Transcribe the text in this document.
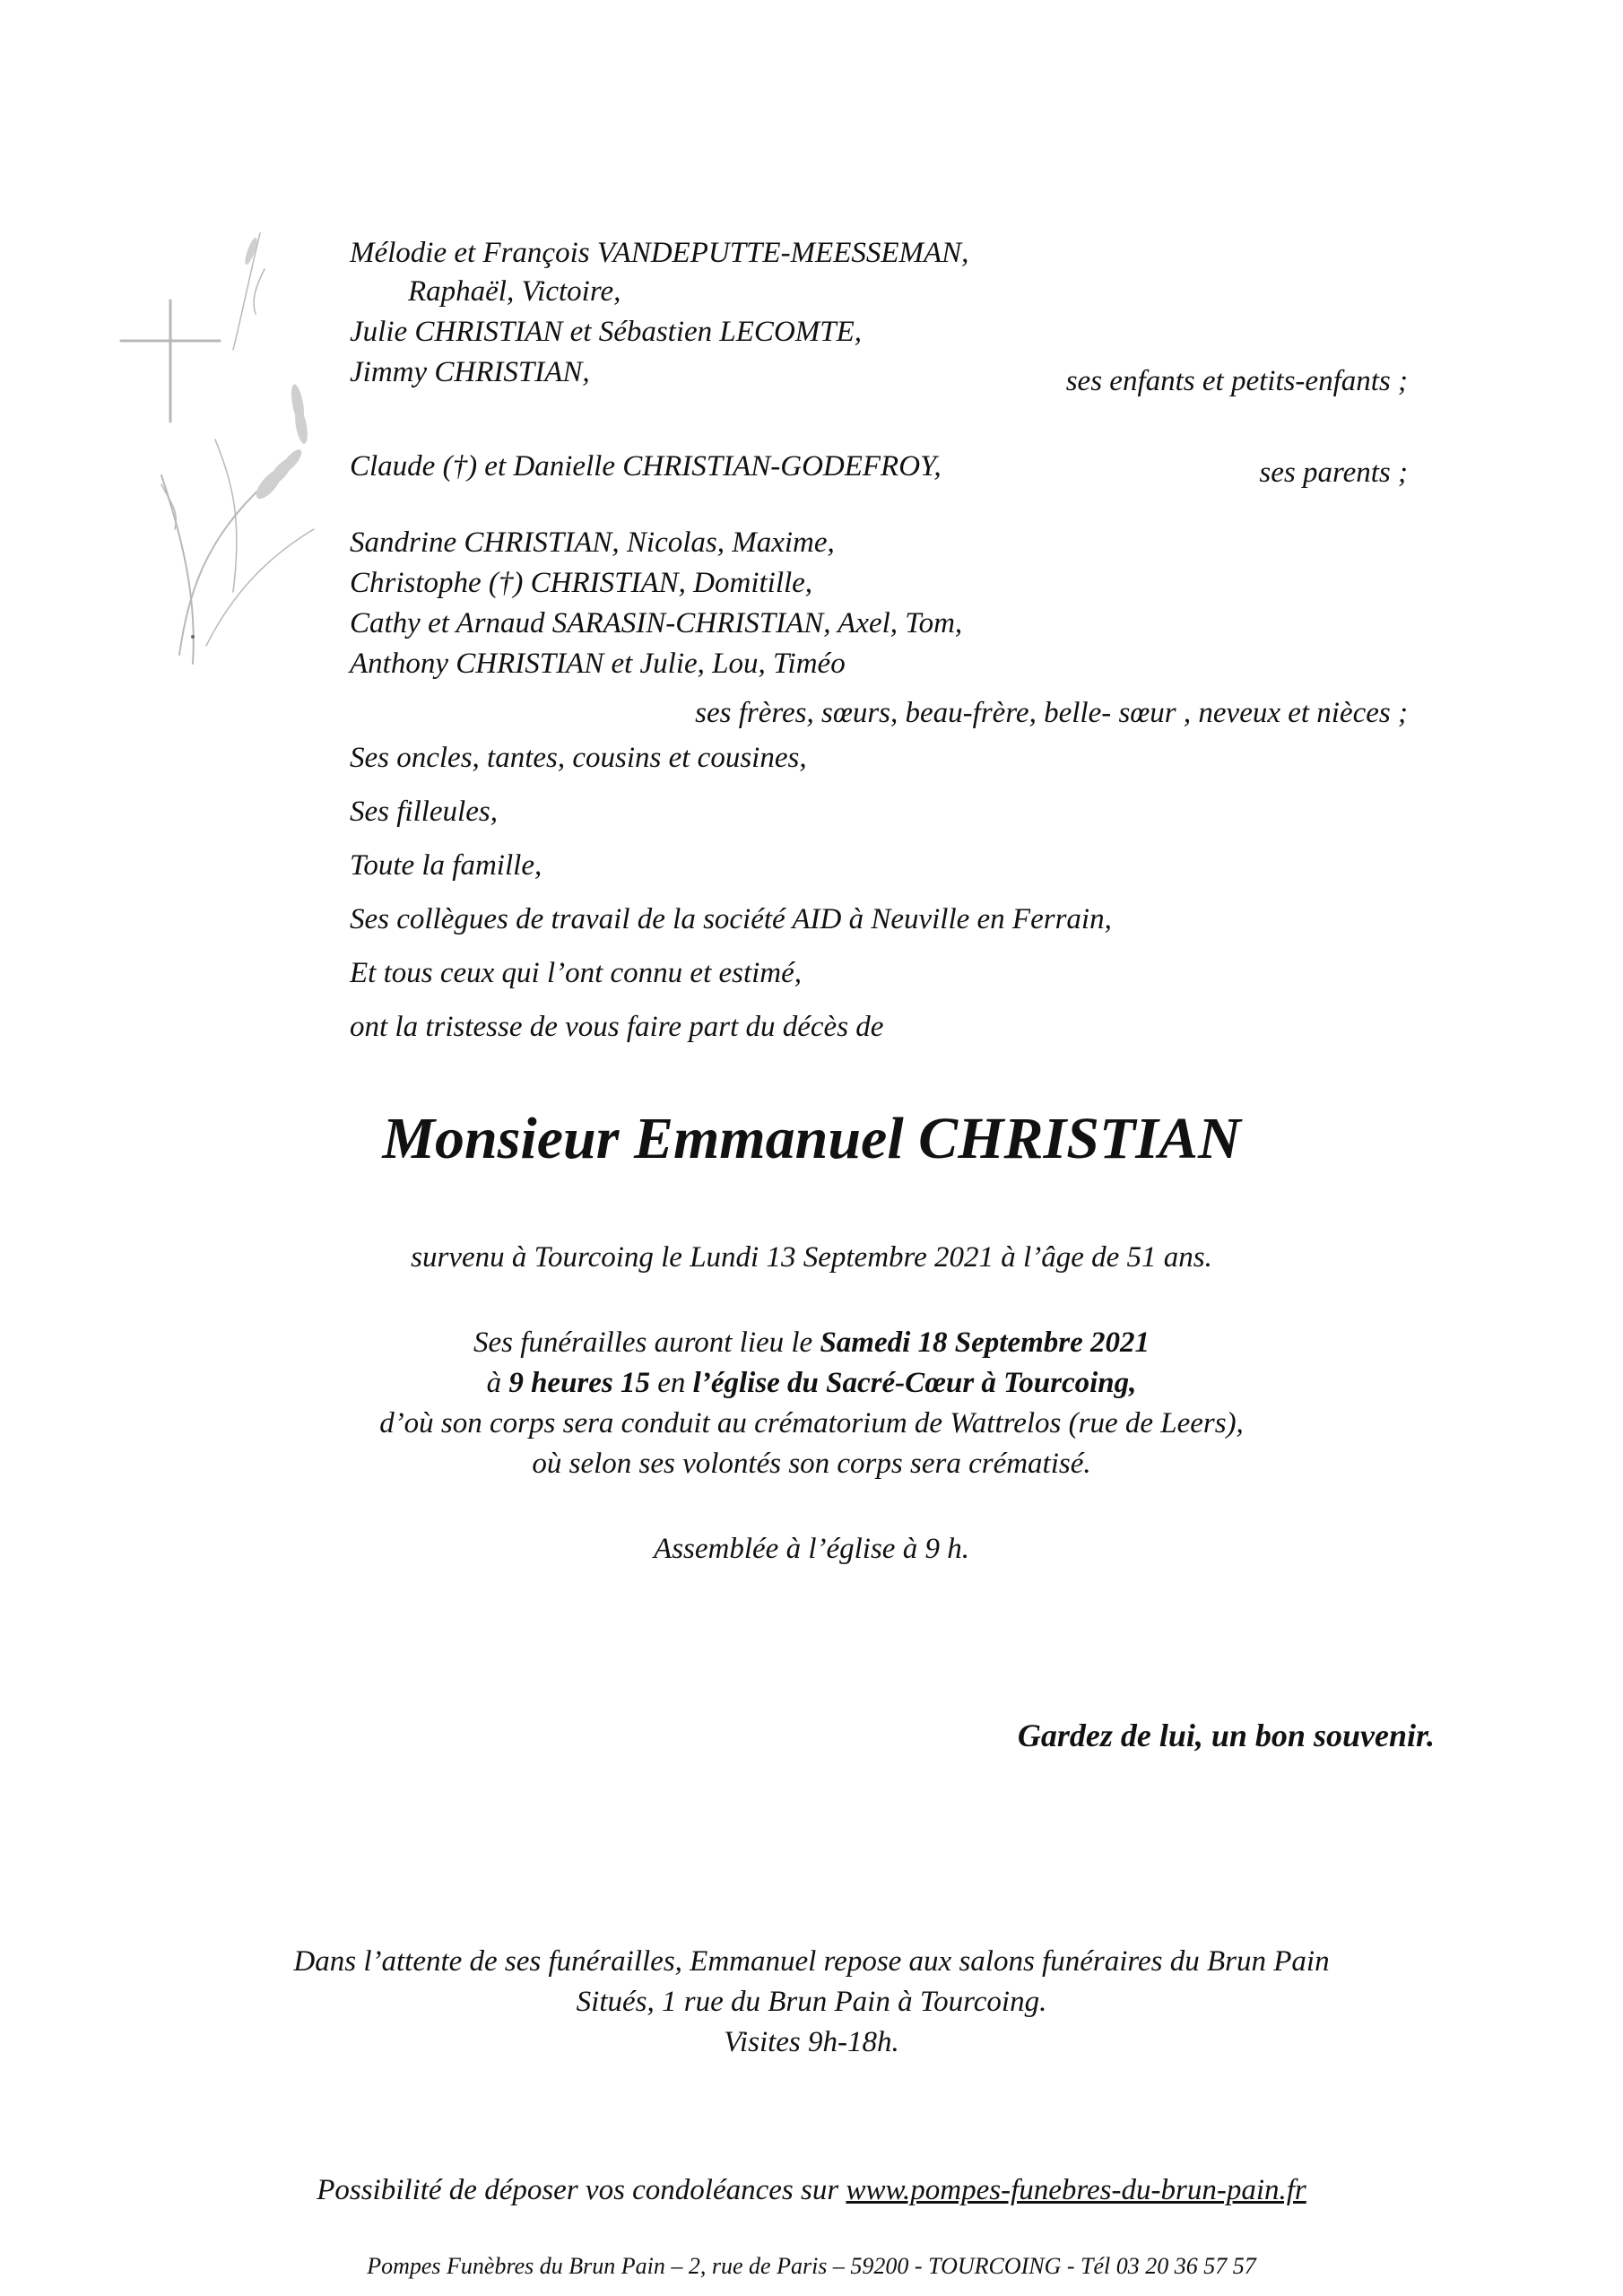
Mélodie et François VANDEPUTTE-MEESSEMAN,
Raphaël, Victoire,
Julie CHRISTIAN et Sébastien LECOMTE,
Jimmy CHRISTIAN,	ses enfants et petits-enfants ;
Claude (†) et Danielle CHRISTIAN-GODEFROY,	ses parents ;
Sandrine CHRISTIAN, Nicolas, Maxime,
Christophe (†) CHRISTIAN, Domitille,
Cathy et Arnaud SARASIN-CHRISTIAN, Axel, Tom,
Anthony CHRISTIAN et Julie, Lou, Timéo
ses frères, sœurs, beau-frère, belle- sœur , neveux et nièces ;
Ses oncles, tantes, cousins et cousines,
Ses filleules,
Toute la famille,
Ses collègues de travail de la société AID à Neuville en Ferrain,
Et tous ceux qui l’ont connu et estimé,
ont la tristesse de vous faire part du décès de
Monsieur Emmanuel CHRISTIAN
survenu à Tourcoing le Lundi 13 Septembre 2021 à l’âge de 51 ans.
Ses funérailles auront lieu le Samedi 18 Septembre 2021
à 9 heures 15 en l’église du Sacré-Cœur à Tourcoing,
d’où son corps sera conduit au crématorium de Wattrelos (rue de Leers),
où selon ses volontés son corps sera crématisé.
Assemblée à l’église à 9 h.
Gardez de lui, un bon souvenir.
Dans l’attente de ses funérailles, Emmanuel repose aux salons funéraires du Brun Pain
Situés, 1 rue du Brun Pain à Tourcoing.
Visites 9h-18h.
Possibilité de déposer vos condoléances sur www.pompes-funebres-du-brun-pain.fr
Pompes Funèbres du Brun Pain – 2, rue de Paris – 59200 - TOURCOING - Tél 03 20 36 57 57
